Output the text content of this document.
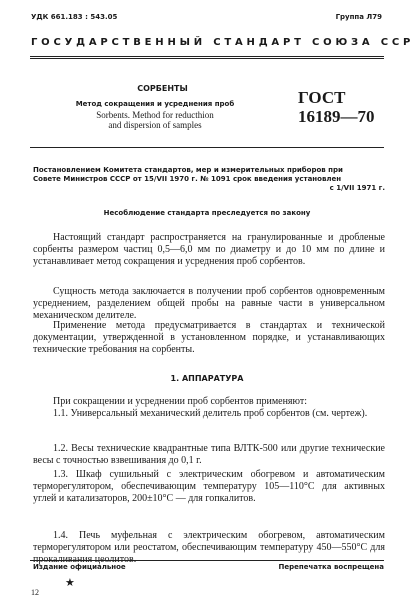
УДК 661.183 : 543.05	Группа Л79
ГОСУДАРСТВЕННЫЙ СТАНДАРТ СОЮЗА ССР
СОРБЕНТЫ
Метод сокращения и усреднения проб
Sorbents. Method for reducthion
and dispersion of samples
ГОСТ
16189—70
Постановлением Комитета стандартов, мер и измерительных приборов при
Совете Министров СССР от 15/VII 1970 г. № 1091 срок введения установлен
с 1/VII 1971 г.
Несоблюдение стандарта преследуется по закону
Настоящий стандарт распространяется на гранулированные и дробленые сорбенты размером частиц 0,5—6,0 мм по диаметру и до 10 мм по длине и устанавливает метод сокращения и усреднения проб сорбентов.
Сущность метода заключается в получении проб сорбентов одновременным усреднением, разделением общей пробы на равные части в универсальном механическом делителе.
Применение метода предусматривается в стандартах и технической документации, утвержденной в установленном порядке, и устанавливающих технические требования на сорбенты.
1. АППАРАТУРА
При сокращении и усреднении проб сорбентов применяют:
1.1. Универсальный механический делитель проб сорбентов (см. чертеж).
1.2. Весы технические квадрантные типа ВЛТК-500 или другие технические весы с точностью взвешивания до 0,1 г.
1.3. Шкаф сушильный с электрическим обогревом и автоматическим терморегулятором, обеспечивающим температуру 105—110°С для активных углей и катализаторов, 200±10°С — для гопкалитов.
1.4. Печь муфельная с электрическим обогревом, автоматическим терморегулятором или реостатом, обеспечивающим температуру 450—550°С для
Издание официальное	Перепечатка воспрещена
★
12
